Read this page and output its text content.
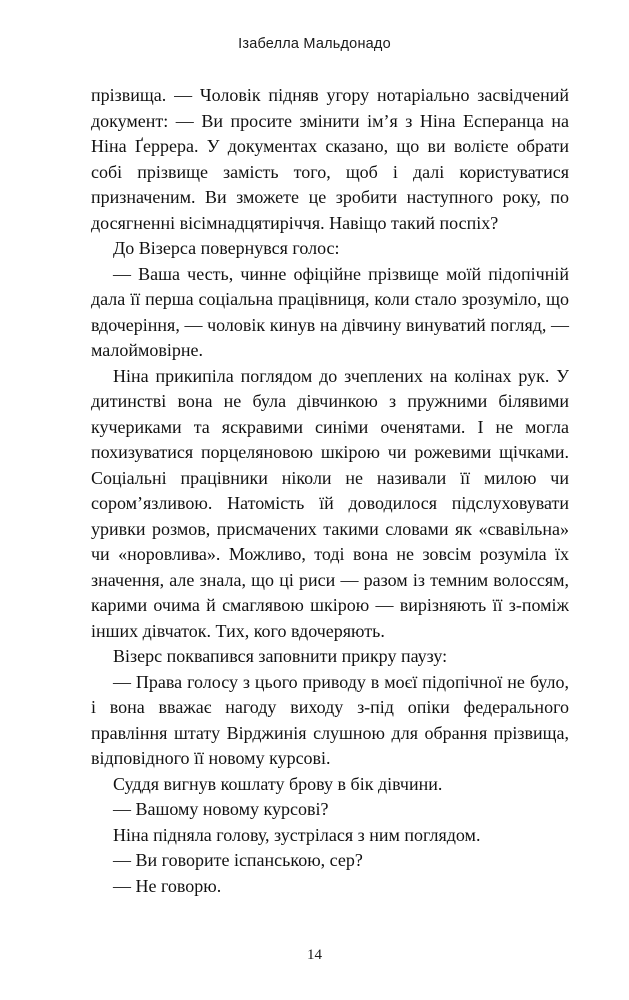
Ізабелла Мальдонадо

прізвища. — Чоловік підняв угору нотаріально засвідчений документ: — Ви просите змінити ім’я з Ніна Есперанца на Ніна Ґеррера. У документах сказано, що ви волієте обрати собі прізвище замість того, щоб і далі користуватися призначеним. Ви зможете це зробити наступного року, по досягненні вісімнадцятиріччя. Навіщо такий поспіх?

До Візерса повернувся голос:

— Ваша честь, чинне офіційне прізвище моїй підопічній дала її перша соціальна працівниця, коли стало зрозуміло, що вдочеріння, — чоловік кинув на дівчину винуватий погляд, — малоймовірне.

Ніна прикипіла поглядом до зчеплених на колінах рук. У дитинстві вона не була дівчинкою з пружними білявими кучериками та яскравими синіми оченятами. І не могла похизуватися порцеляновою шкірою чи рожевими щічками. Соціальні працівники ніколи не називали її милою чи сором’язливою. Натомість їй доводилося підслуховувати уривки розмов, присмачених такими словами як «свавільна» чи «норовлива». Можливо, тоді вона не зовсім розуміла їх значення, але знала, що ці риси — разом із темним волоссям, карими очима й смаглявою шкірою — вирізняють її з-поміж інших дівчаток. Тих, кого вдочеряють.

Візерс поквапився заповнити прикру паузу:

— Права голосу з цього приводу в моєї підопічної не було, і вона вважає нагоду виходу з-під опіки федерального правління штату Вірджинія слушною для обрання прізвища, відповідного її новому курсові.

Суддя вигнув кошлату брову в бік дівчини.

— Вашому новому курсові?

Ніна підняла голову, зустрілася з ним поглядом.

— Ви говорите іспанською, сер?

— Не говорю.

14
